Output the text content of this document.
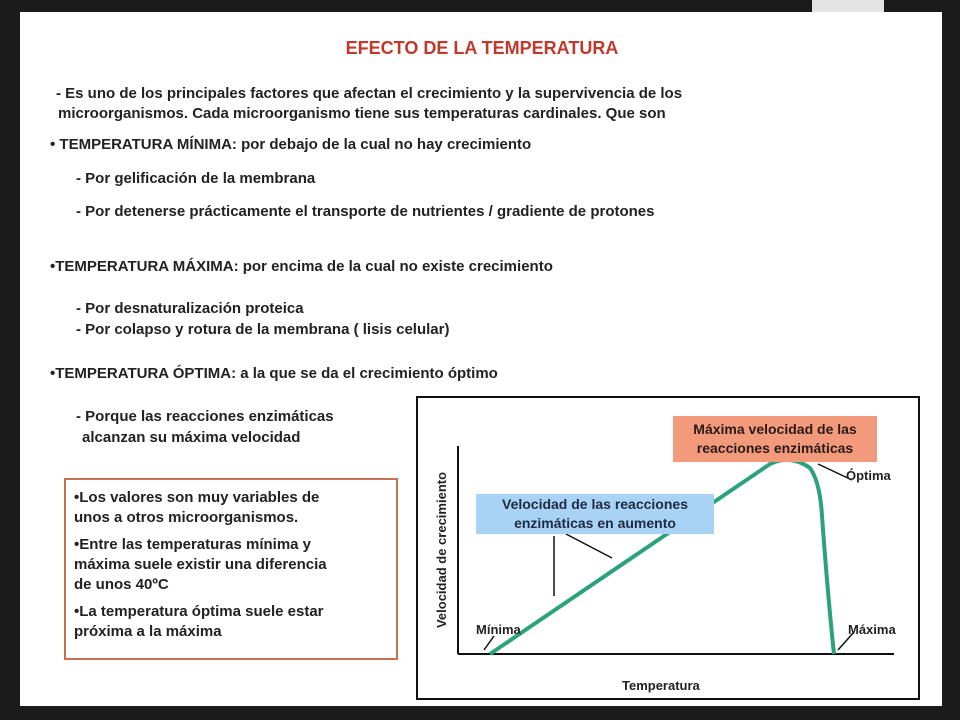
EFECTO DE LA TEMPERATURA

- Es uno de los principales factores que afectan el crecimiento y la supervivencia de los

microorganismos. Cada microorganismo tiene sus temperaturas cardinales. Que son

• TEMPERATURA MÍNIMA: por debajo de la cual no hay crecimiento

- Por gelificación de la membrana

- Por detenerse prácticamente el transporte de nutrientes / gradiente de protones

•TEMPERATURA MÁXIMA: por encima de la cual no existe crecimiento

- Por desnaturalización proteica

- Por colapso y rotura de la membrana ( lisis celular)

•TEMPERATURA ÓPTIMA: a la que se da el crecimiento óptimo

- Porque las reacciones enzimáticas

alcanzan su máxima velocidad

•Los valores son muy variables de

unos a otros microorganismos.

•Entre las temperaturas mínima y

máxima suele existir una diferencia

de unos 40ºC

•La temperatura óptima suele estar

próxima a la máxima

Velocidad de crecimiento
Máxima velocidad de las
reacciones enzimáticas
Velocidad de las reacciones
enzimáticas en aumento
Óptima
Mínima	Máxima
Temperatura
